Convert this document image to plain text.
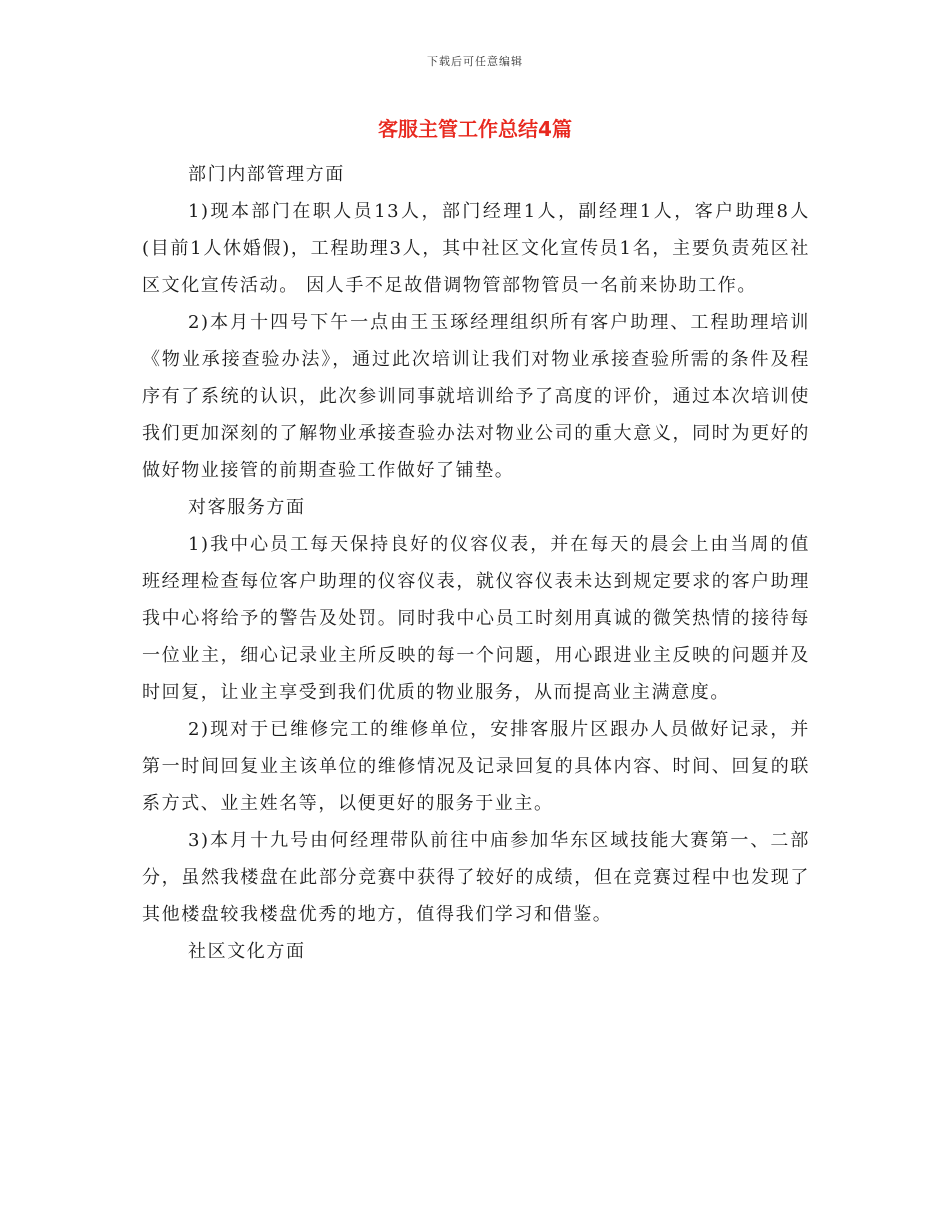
下载后可任意编辑
客服主管工作总结4篇

部门内部管理方面

1)现本部门在职人员13人，部门经理1人，副经理1人，客户助理8人(目前1人休婚假)，工程助理3人，其中社区文化宣传员1名，主要负责苑区社区文化宣传活动。 因人手不足故借调物管部物管员一名前来协助工作。

2)本月十四号下午一点由王玉琢经理组织所有客户助理、工程助理培训《物业承接查验办法》，通过此次培训让我们对物业承接查验所需的条件及程序有了系统的认识，此次参训同事就培训给予了高度的评价，通过本次培训使我们更加深刻的了解物业承接查验办法对物业公司的重大意义，同时为更好的做好物业接管的前期查验工作做好了铺垫。

对客服务方面

1)我中心员工每天保持良好的仪容仪表，并在每天的晨会上由当周的值班经理检查每位客户助理的仪容仪表，就仪容仪表未达到规定要求的客户助理我中心将给予的警告及处罚。同时我中心员工时刻用真诚的微笑热情的接待每一位业主，细心记录业主所反映的每一个问题，用心跟进业主反映的问题并及时回复，让业主享受到我们优质的物业服务，从而提高业主满意度。

2)现对于已维修完工的维修单位，安排客服片区跟办人员做好记录，并第一时间回复业主该单位的维修情况及记录回复的具体内容、时间、回复的联系方式、业主姓名等，以便更好的服务于业主。

3)本月十九号由何经理带队前往中庙参加华东区域技能大赛第一、二部分，虽然我楼盘在此部分竞赛中获得了较好的成绩，但在竞赛过程中也发现了其他楼盘较我楼盘优秀的地方，值得我们学习和借鉴。

社区文化方面
